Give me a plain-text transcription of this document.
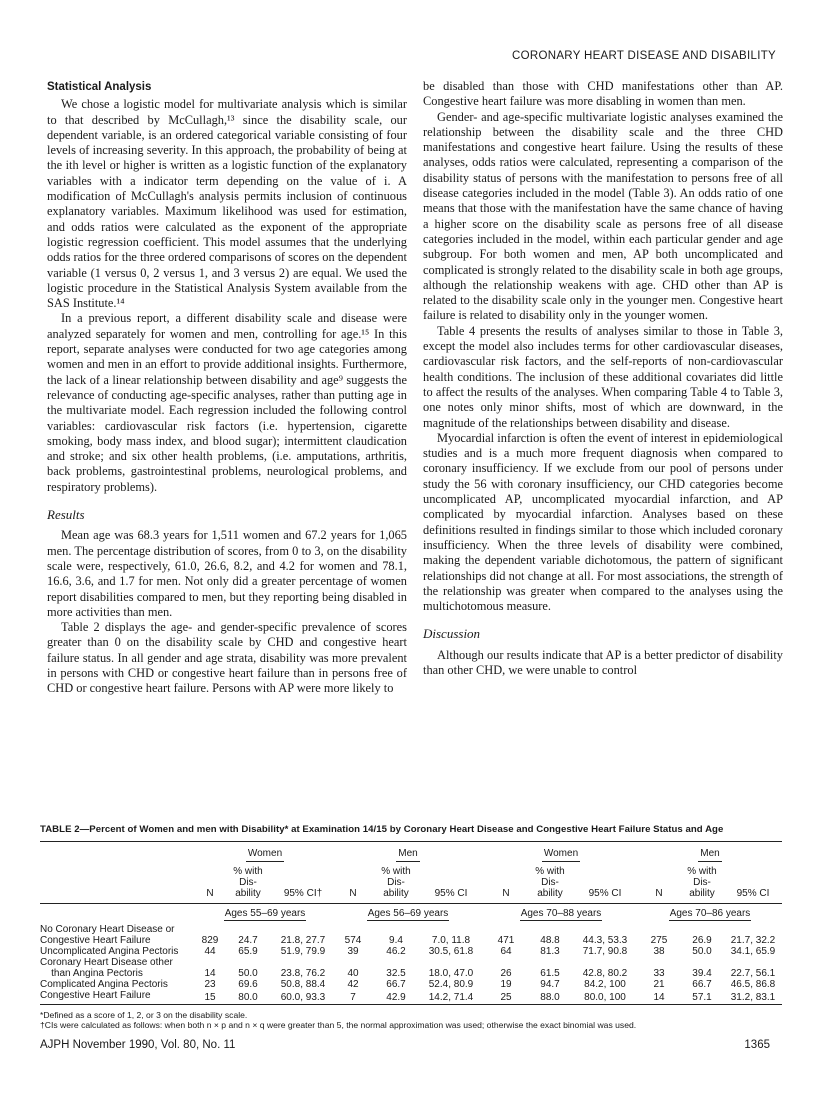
CORONARY HEART DISEASE AND DISABILITY
Statistical Analysis

We chose a logistic model for multivariate analysis which is similar to that described by McCullagh,¹³ since the disability scale, our dependent variable, is an ordered categorical variable consisting of four levels of increasing severity. In this approach, the probability of being at the ith level or higher is written as a logistic function of the explanatory variables with a indicator term depending on the value of i. A modification of McCullagh's analysis permits inclusion of continuous explanatory variables. Maximum likelihood was used for estimation, and odds ratios were calculated as the exponent of the appropriate logistic regression coefficient. This model assumes that the underlying odds ratios for the three ordered comparisons of scores on the dependent variable (1 versus 0, 2 versus 1, and 3 versus 2) are equal. We used the logistic procedure in the Statistical Analysis System available from the SAS Institute.¹⁴

In a previous report, a different disability scale and disease were analyzed separately for women and men, controlling for age.¹⁵ In this report, separate analyses were conducted for two age categories among women and men in an effort to provide additional insights. Furthermore, the lack of a linear relationship between disability and age⁹ suggests the relevance of conducting age-specific analyses, rather than putting age in the multivariate model. Each regression included the following control variables: cardiovascular risk factors (i.e. hypertension, cigarette smoking, body mass index, and blood sugar); intermittent claudication and stroke; and six other health problems, (i.e. amputations, arthritis, back problems, gastrointestinal problems, neurological problems, and respiratory problems).

Results

Mean age was 68.3 years for 1,511 women and 67.2 years for 1,065 men. The percentage distribution of scores, from 0 to 3, on the disability scale were, respectively, 61.0, 26.6, 8.2, and 4.2 for women and 78.1, 16.6, 3.6, and 1.7 for men. Not only did a greater percentage of women report disabilities compared to men, but they reporting being disabled in more activities than men.

Table 2 displays the age- and gender-specific prevalence of scores greater than 0 on the disability scale by CHD and congestive heart failure status. In all gender and age strata, disability was more prevalent in persons with CHD or congestive heart failure than in persons free of CHD or congestive heart failure. Persons with AP were more likely to

be disabled than those with CHD manifestations other than AP. Congestive heart failure was more disabling in women than men.

Gender- and age-specific multivariate logistic analyses examined the relationship between the disability scale and the three CHD manifestations and congestive heart failure. Using the results of these analyses, odds ratios were calculated, representing a comparison of the disability status of persons with the manifestation to persons free of all disease categories included in the model (Table 3). An odds ratio of one means that those with the manifestation have the same chance of having a higher score on the disability scale as persons free of all disease categories included in the model, within each particular gender and age subgroup. For both women and men, AP both uncomplicated and complicated is strongly related to the disability scale in both age groups, although the relationship weakens with age. CHD other than AP is related to the disability scale only in the younger men. Congestive heart failure is related to disability only in the younger women.

Table 4 presents the results of analyses similar to those in Table 3, except the model also includes terms for other cardiovascular diseases, cardiovascular risk factors, and the self-reports of non-cardiovascular health conditions. The inclusion of these additional covariates did little to affect the results of the analyses. When comparing Table 4 to Table 3, one notes only minor shifts, most of which are downward, in the magnitude of the relationships between disability and disease.

Myocardial infarction is often the event of interest in epidemiological studies and is a much more frequent diagnosis when compared to coronary insufficiency. If we exclude from our pool of persons under study the 56 with coronary insufficiency, our CHD categories become uncomplicated AP, uncomplicated myocardial infarction, and AP complicated by myocardial infarction. Analyses based on these definitions resulted in findings similar to those which included coronary insufficiency. When the three levels of disability were combined, making the dependent variable dichotomous, the pattern of significant relationships did not change at all. For most associations, the strength of the relationship was greater when compared to the analyses using the multichotomous measure.

Discussion

Although our results indicate that AP is a better predictor of disability than other CHD, we were unable to control

TABLE 2—Percent of Women and men with Disability* at Examination 14/15 by Coronary Heart Disease and Congestive Heart Failure Status and Age
	Women			Men			Women			Men		
	N	% with
Dis-
ability	95% CI†	N	% with
Dis-
ability	95% CI	N	% with
Dis-
ability	95% CI	N	% with
Dis-
ability	95% CI
	Ages 55–69 years			Ages 56–69 years			Ages 70–88 years			Ages 70–86 years		
No Coronary Heart Disease or												
Congestive Heart Failure	829	24.7	21.8, 27.7	574	9.4	7.0, 11.8	471	48.8	44.3, 53.3	275	26.9	21.7, 32.2
Uncomplicated Angina Pectoris	44	65.9	51.9, 79.9	39	46.2	30.5, 61.8	64	81.3	71.7, 90.8	38	50.0	34.1, 65.9
Coronary Heart Disease other												
than Angina Pectoris	14	50.0	23.8, 76.2	40	32.5	18.0, 47.0	26	61.5	42.8, 80.2	33	39.4	22.7, 56.1
Complicated Angina Pectoris	23	69.6	50.8, 88.4	42	66.7	52.4, 80.9	19	94.7	84.2, 100	21	66.7	46.5, 86.8
Congestive Heart Failure	15	80.0	60.0, 93.3	7	42.9	14.2, 71.4	25	88.0	80.0, 100	14	57.1	31.2, 83.1
*Defined as a score of 1, 2, or 3 on the disability scale.
†CIs were calculated as follows: when both n × p and n × q were greater than 5, the normal approximation was used; otherwise the exact binomial was used.
AJPH November 1990, Vol. 80, No. 11	1365
